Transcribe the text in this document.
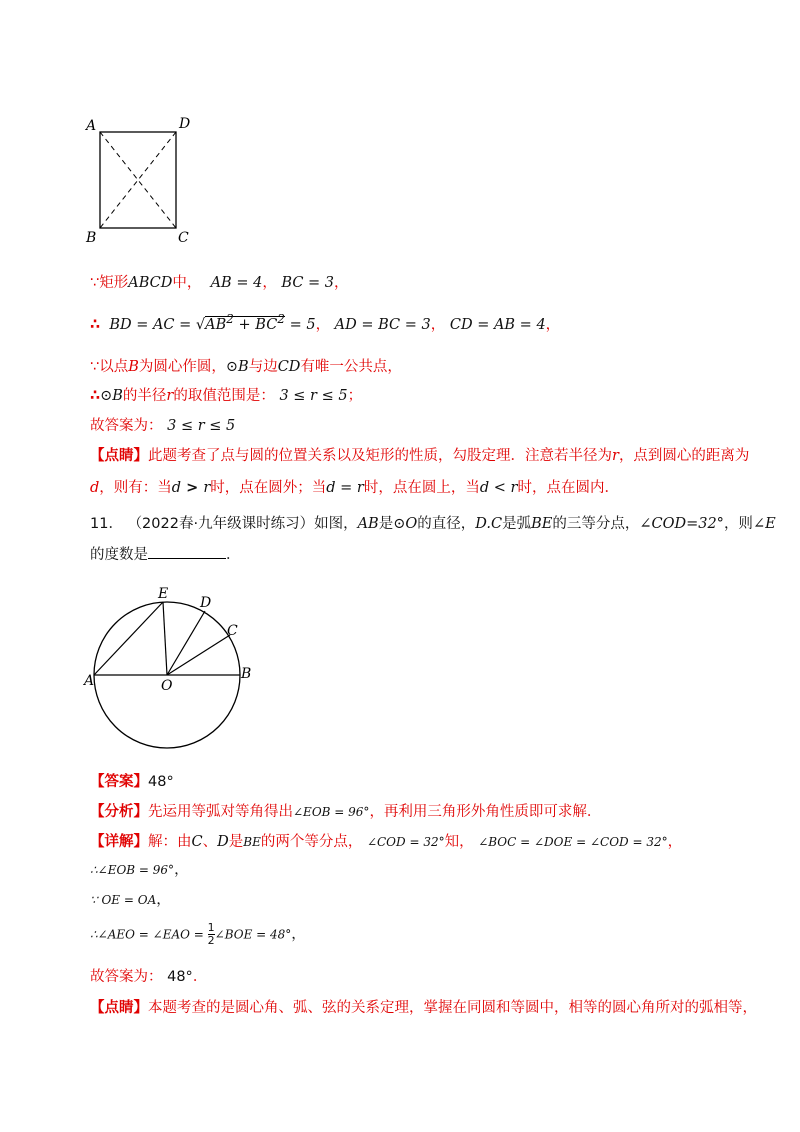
A	D
B	C
∵矩形ABCD中， AB = 4， BC = 3，
∴ BD = AC = $√AB^2 + BC^2 = 5$， AD = BC = 3， CD = AB = 4，
∵以点B为圆心作圆，⊙B与边CD有唯一公共点，
∴⊙B的半径r的取值范围是： 3 ≤ r ≤ 5；
故答案为： 3 ≤ r ≤ 5
【点睛】此题考查了点与圆的位置关系以及矩形的性质，勾股定理．注意若半径为r，点到圆心的距离为
d，则有：当d > r时，点在圆外；当d = r时，点在圆上，当d < r时，点在圆内．
11． （2022春·九年级课时练习）如图，AB是⊙O的直径，D.C是弧BE的三等分点，∠COD=32°，则∠E
的度数是	．
E
D
C
A	B
O
【答案】48°
【分析】先运用等弧对等角得出∠EOB = 96°，再利用三角形外角性质即可求解．
【详解】解：由C、D是BE的两个等分点， ∠COD = 32°知， ∠BOC = ∠DOE = ∠COD = 32°，
∴∠EOB = 96°，
∵ OE = OA，
∴∠AEO = ∠EAO = $\frac{1}{2}$ ∠BOE = 48°，
故答案为： 48°．
【点睛】本题考查的是圆心角、弧、弦的关系定理，掌握在同圆和等圆中，相等的圆心角所对的弧相等，
